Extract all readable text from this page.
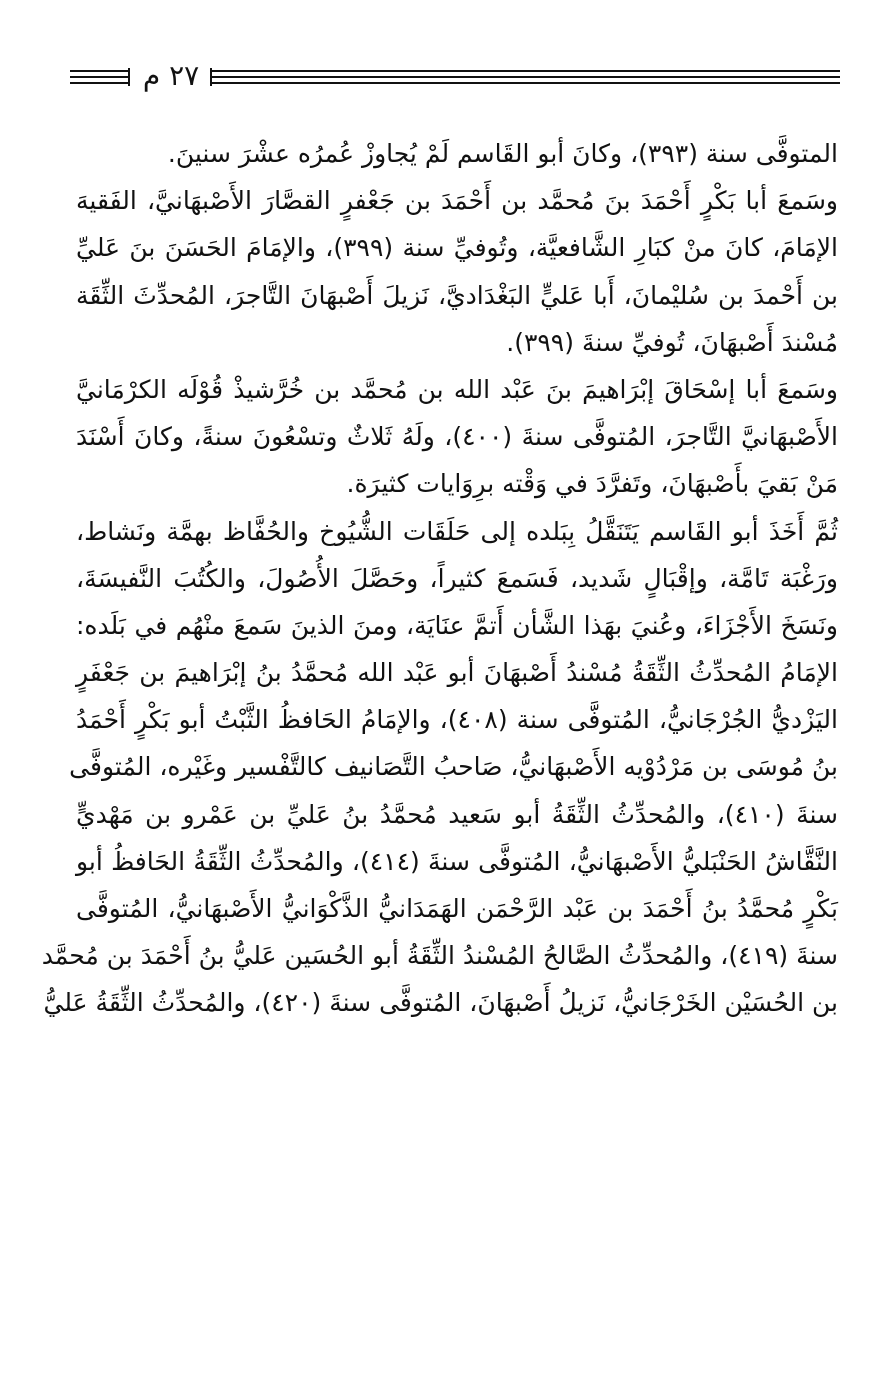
٢٧ م
المتوفَّى سنة (٣٩٣)، وكانَ أبو القَاسم لَمْ يُجاوزْ عُمرُه عشْرَ سنينَ.
وسَمعَ أبا بَكْرٍ أَحْمَدَ بنَ مُحمَّد بن أَحْمَدَ بن جَعْفرٍ القصَّارَ الأَصْبهَانيَّ، الفَقيهَ
الإمَامَ، كانَ منْ كبَارِ الشَّافعيَّة، وتُوفيِّ سنة (٣٩٩)، والإمَامَ الحَسَنَ بنَ عَليِّ
بن أَحْمدَ بن سُليْمانَ، أَبا عَليٍّ البَغْدَاديَّ، نَزيلَ أَصْبهَانَ التَّاجرَ، المُحدِّثَ الثِّقَة
مُسْندَ أَصْبهَانَ، تُوفيِّ سنةَ (٣٩٩).
وسَمعَ أبا إسْحَاقَ إبْرَاهيمَ بنَ عَبْد الله بن مُحمَّد بن خُرَّشيذْ قُوْلَه الكرْمَانيَّ
الأَصْبهَانيَّ التَّاجرَ، المُتوفَّى سنةَ (٤٠٠)، ولَهُ ثَلاثٌ وتسْعُونَ سنةً، وكانَ أَسْنَدَ
مَنْ بَقيَ بأَصْبهَانَ، وتَفرَّدَ في وَقْته برِوَايات كثيرَة.
ثُمَّ أَخَذَ أبو القَاسم يَتَنَقَّلُ بِبَلده إلى حَلَقَات الشُّيُوخ والحُفَّاظ بهمَّة ونَشاط،
ورَغْبَة تَامَّة، وإقْبَالٍ شَديد، فَسَمعَ كثيراً، وحَصَّلَ الأُصُولَ، والكُتُبَ النَّفيسَةَ،
ونَسَخَ الأَجْزَاءَ، وعُنيَ بهَذا الشَّأن أَتمَّ عنَايَة، ومنَ الذينَ سَمعَ منْهُم في بَلَده:
الإمَامُ المُحدِّثُ الثِّقَةُ مُسْندُ أَصْبهَانَ أبو عَبْد الله مُحمَّدُ بنُ إبْرَاهيمَ بن جَعْفَرٍ
اليَزْديُّ الجُرْجَانيُّ، المُتوفَّى سنة (٤٠٨)، والإمَامُ الحَافظُ الثَّبْتُ أبو بَكْرٍ أَحْمَدُ
بنُ مُوسَى بن مَرْدُوْيه الأَصْبهَانيُّ، صَاحبُ التَّصَانيف كالتَّفْسير وغَيْره، المُتوفَّى
سنةَ (٤١٠)، والمُحدِّثُ الثِّقَةُ أبو سَعيد مُحمَّدُ بنُ عَليِّ بن عَمْرو بن مَهْديٍّ
النَّقَّاشُ الحَنْبَليُّ الأَصْبهَانيُّ، المُتوفَّى سنةَ (٤١٤)، والمُحدِّثُ الثِّقَةُ الحَافظُ أبو
بَكْرٍ مُحمَّدُ بنُ أَحْمَدَ بن عَبْد الرَّحْمَن الهَمَدَانيُّ الذَّكْوَانيُّ الأَصْبهَانيُّ، المُتوفَّى
سنةَ (٤١٩)، والمُحدِّثُ الصَّالحُ المُسْندُ الثِّقَةُ أبو الحُسَين عَليُّ بنُ أَحْمَدَ بن مُحمَّد
بن الحُسَيْن الخَرْجَانيُّ، نَزيلُ أَصْبهَانَ، المُتوفَّى سنةَ (٤٢٠)، والمُحدِّثُ الثِّقَةُ عَليُّ
